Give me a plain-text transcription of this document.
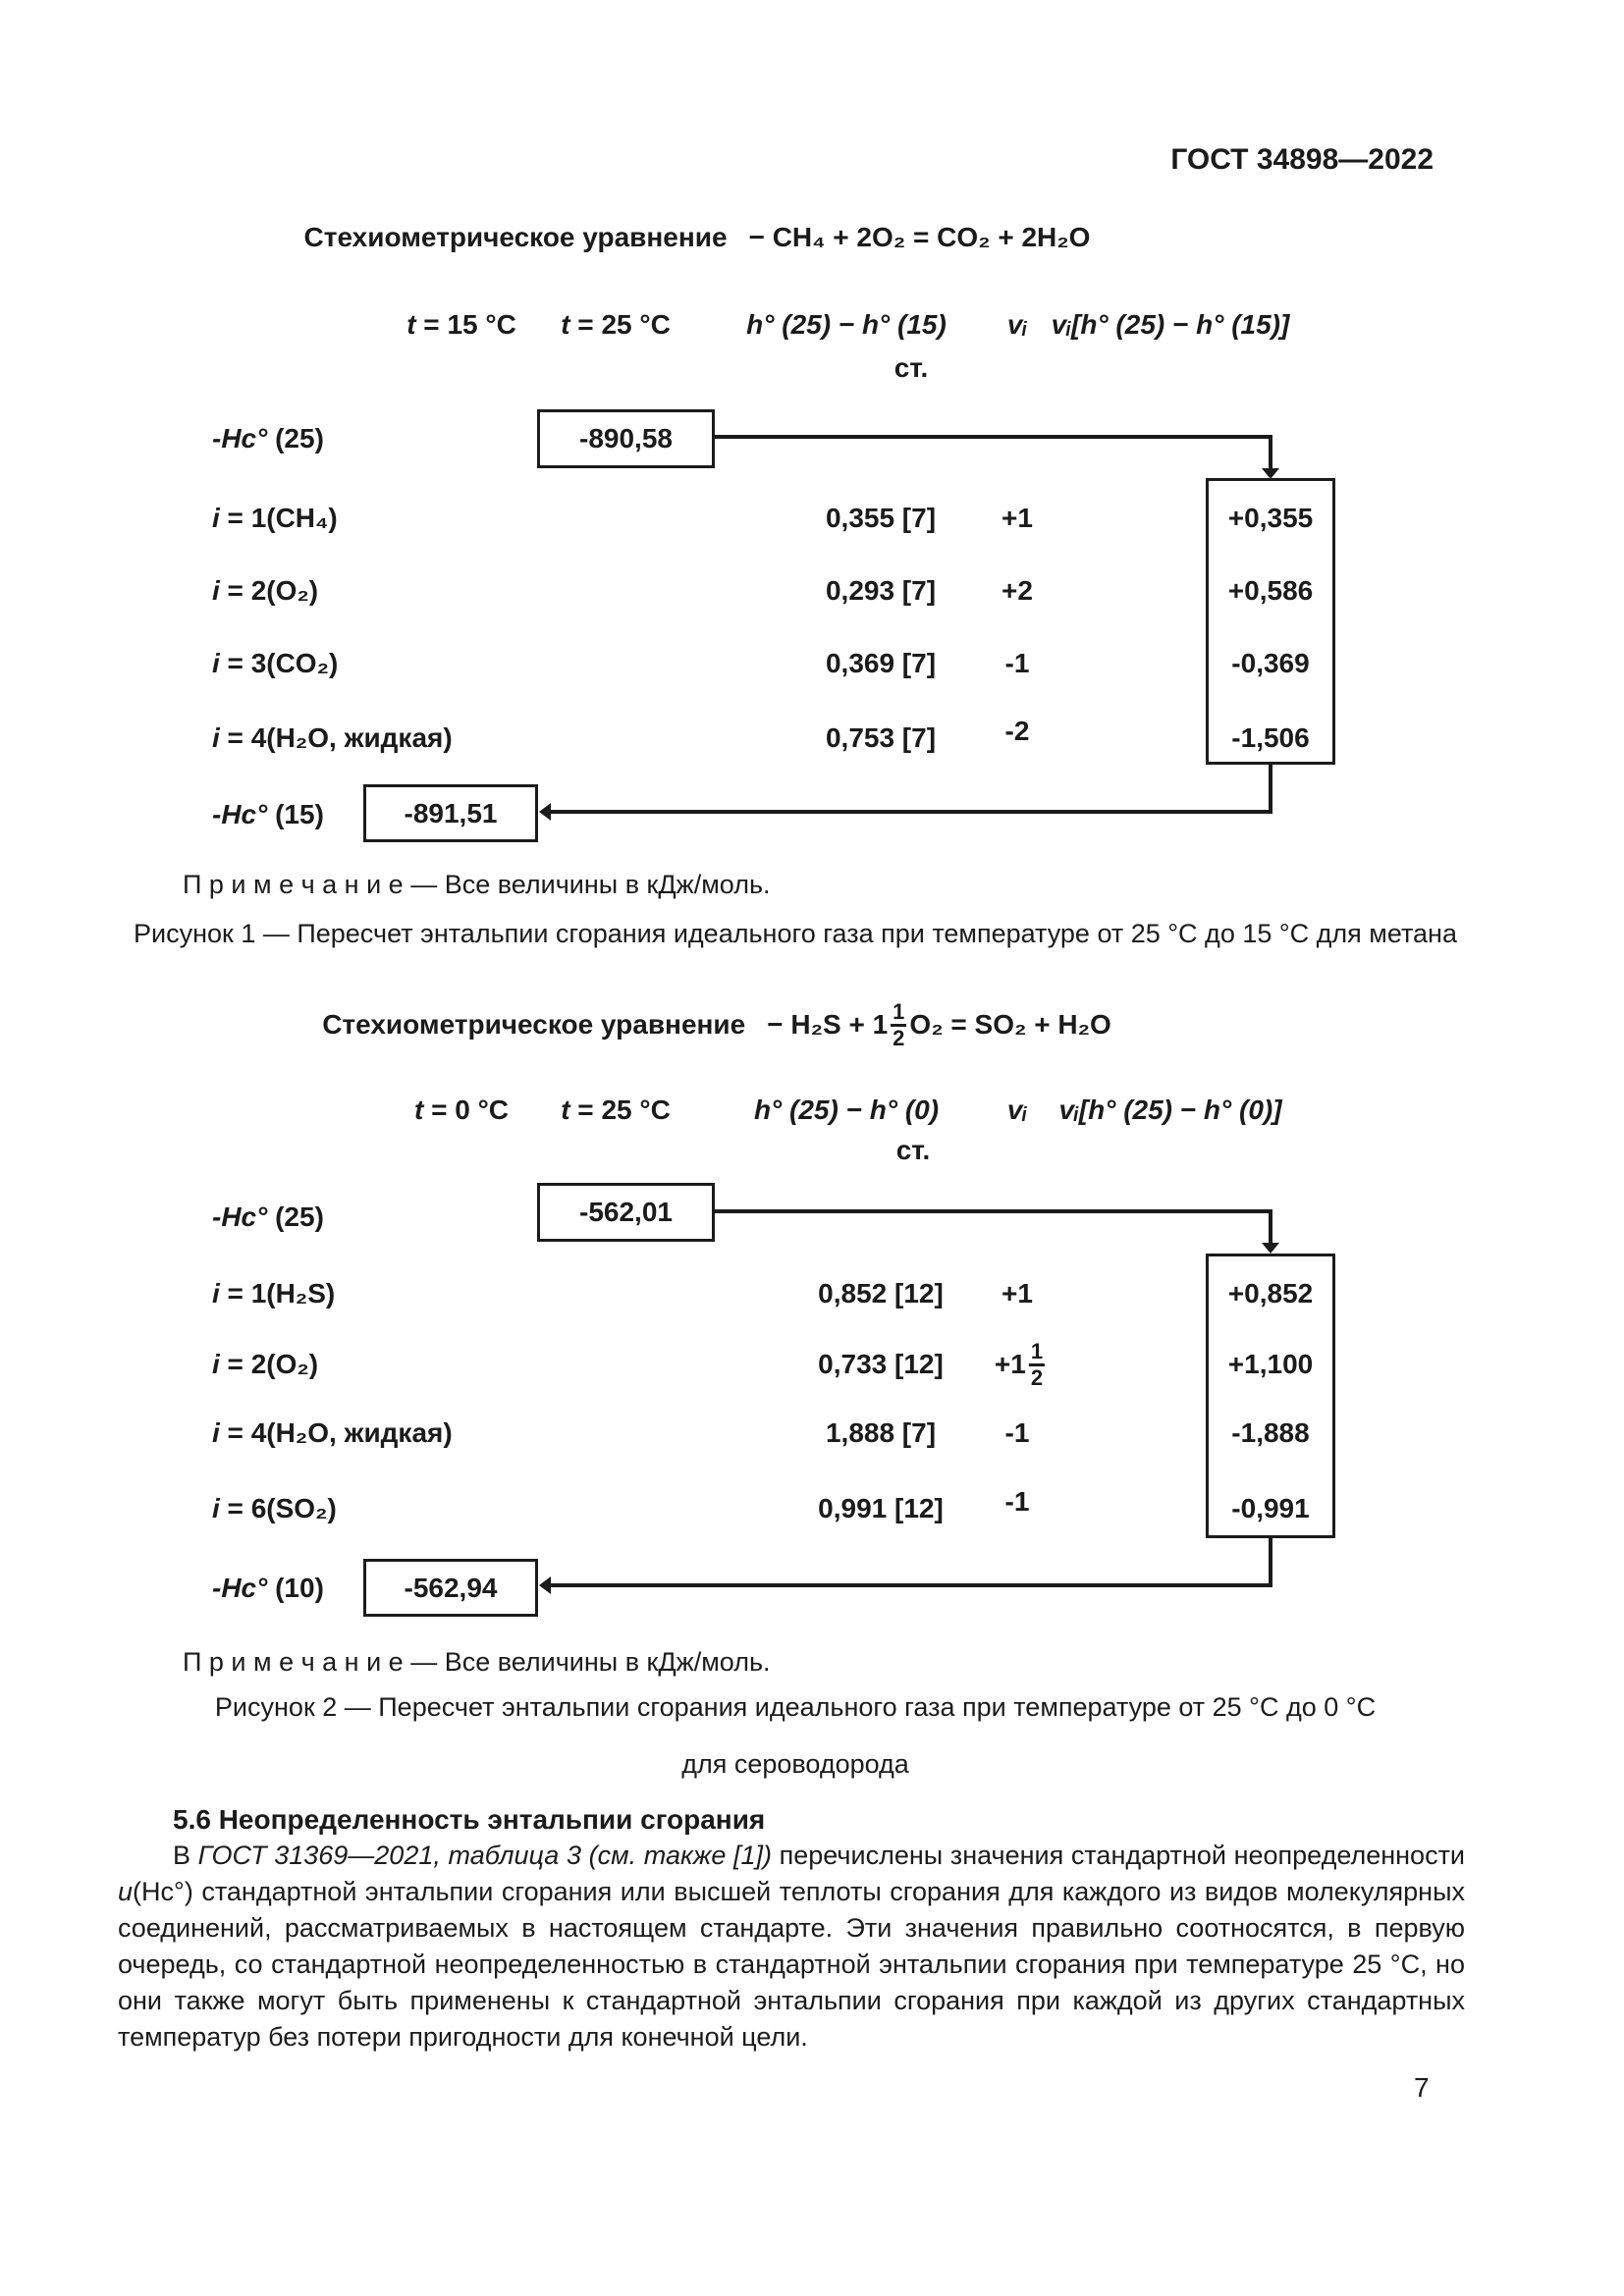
ГОСТ 34898—2022
Стехиометрическое уравнение − CH₄ + 2O₂ = CO₂ + 2H₂O
t = 15 °C t = 25 °C	h° (25) − h° (15) vᵢ vᵢ[h° (25) − h° (15)]
ст.
-Hc° (25)	-890,58
i = 1(CH₄)	0,355 [7] +1	+0,355
i = 2(O₂)	0,293 [7] +2	+0,586
i = 3(CO₂)	0,369 [7]	-1	-0,369
i = 4(H₂O, жидкая)	0,753 [7]	-2	-1,506
-Hc° (15)	-891,51
П р и м е ч а н и е — Все величины в кДж/моль.
Рисунок 1 — Пересчет энтальпии сгорания идеального газа при температуре от 25 °С до 15 °С для метана
Стехиометрическое уравнение − $H_2S + 1 \frac{1}{2} O_2 = SO_2 + H_2O$
t = 0 °C t = 25 °C	h° (25) − h° (0) vᵢ vᵢ[h° (25) − h° (0)]
ст.
-Hc° (25)	-562,01
i = 1(H₂S)	0,852 [12] +1	+0,852
i = 2(O₂)	0,733 $[12] +1 \frac{1}{2}$	+1,100
i = 4(H₂O, жидкая)	1,888 [7]	-1	-1,888
i = 6(SO₂)	0,991 [12] -1	-0,991
-Hc° (10)	-562,94
П р и м е ч а н и е — Все величины в кДж/моль.
Рисунок 2 — Пересчет энтальпии сгорания идеального газа при температуре от 25 °С до 0 °С
для сероводорода
5.6 Неопределенность энтальпии сгорания
В ГОСТ 31369—2021, таблица 3 (см. также [1]) перечислены значения стандартной неопределенности u(Hc°) стандартной энтальпии сгорания или высшей теплоты сгорания для каждого из видов молекулярных соединений, рассматриваемых в настоящем стандарте. Эти значения правильно соотносятся, в первую очередь, со стандартной неопределенностью в стандартной энтальпии сгорания при температуре 25 °С, но они также могут быть применены к стандартной энтальпии сгорания при каждой из других стандартных температур без потери пригодности для конечной цели.
7
